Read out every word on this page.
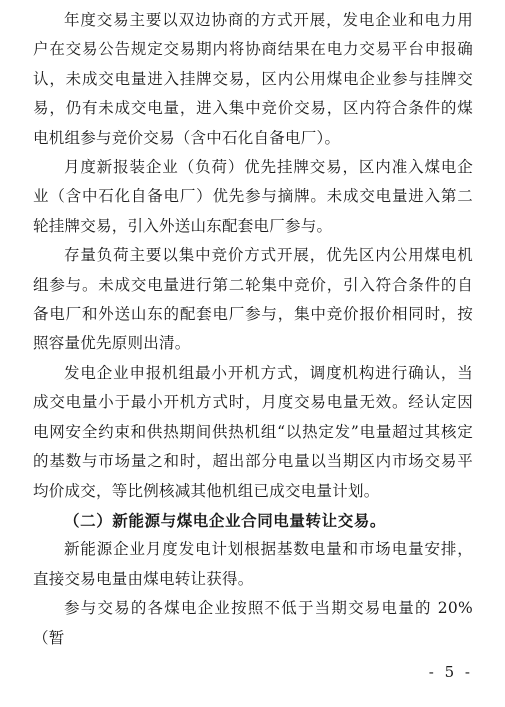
年度交易主要以双边协商的方式开展，发电企业和电力用户在交易公告规定交易期内将协商结果在电力交易平台申报确认，未成交电量进入挂牌交易，区内公用煤电企业参与挂牌交易，仍有未成交电量，进入集中竞价交易，区内符合条件的煤电机组参与竞价交易（含中石化自备电厂）。

月度新报装企业（负荷）优先挂牌交易，区内准入煤电企业（含中石化自备电厂）优先参与摘牌。未成交电量进入第二轮挂牌交易，引入外送山东配套电厂参与。

存量负荷主要以集中竞价方式开展，优先区内公用煤电机组参与。未成交电量进行第二轮集中竞价，引入符合条件的自备电厂和外送山东的配套电厂参与，集中竞价报价相同时，按照容量优先原则出清。

发电企业申报机组最小开机方式，调度机构进行确认，当成交电量小于最小开机方式时，月度交易电量无效。经认定因电网安全约束和供热期间供热机组“以热定发”电量超过其核定的基数与市场量之和时，超出部分电量以当期区内市场交易平均价成交，等比例核减其他机组已成交电量计划。

（二）新能源与煤电企业合同电量转让交易。

新能源企业月度发电计划根据基数电量和市场电量安排，直接交易电量由煤电转让获得。

参与交易的各煤电企业按照不低于当期交易电量的 20%（暂

- 5 -
